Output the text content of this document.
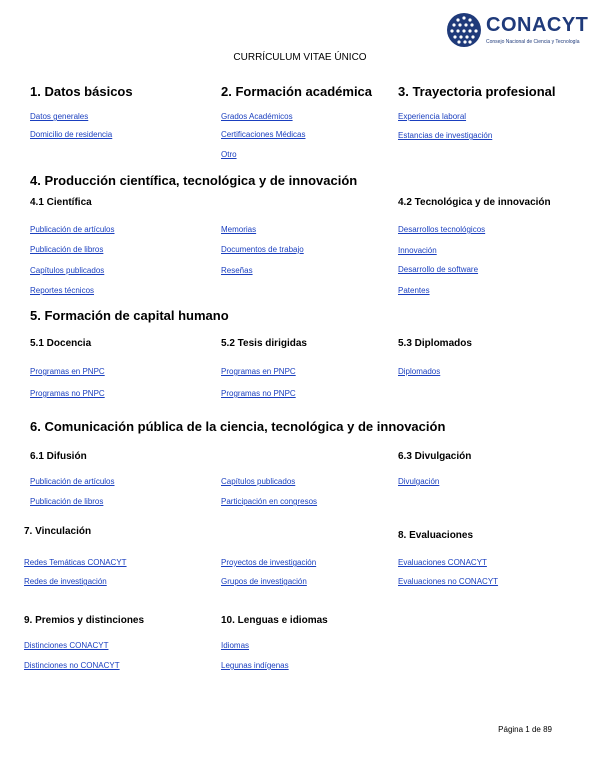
CONACYT
Consejo Nacional de Ciencia y Tecnología
CURRÍCULUM VITAE ÚNICO
1. Datos básicos
Datos generales
Domicilio de residencia
2. Formación académica
Grados Académicos
Certificaciones Médicas
Otro
3. Trayectoria profesional
Experiencia laboral
Estancias de investigación
4. Producción científica, tecnológica y de innovación
4.1 Científica	4.2 Tecnológica y de innovación
Publicación de artículos
Publicación de libros
Capítulos publicados
Reportes técnicos
Memorias
Documentos de trabajo
Reseñas
Desarrollos tecnológicos
Innovación
Desarrollo de software
Patentes
5. Formación de capital humano
5.1 Docencia	5.2 Tesis dirigidas	5.3 Diplomados
Programas en PNPC
Programas no PNPC
Programas en PNPC
Programas no PNPC
Diplomados
6. Comunicación pública de la ciencia, tecnológica y de innovación
6.1 Difusión	6.3 Divulgación
Publicación de artículos
Publicación de libros
Capítulos publicados
Participación en congresos
Divulgación
7. Vinculación
Redes Temáticas CONACYT
Redes de investigación
Proyectos de investigación
Grupos de investigación
8. Evaluaciones
Evaluaciones CONACYT
Evaluaciones no CONACYT
9. Premios y distinciones
Distinciones CONACYT
Distinciones no CONACYT
10. Lenguas e idiomas
Idiomas
Legunas indígenas
Página 1 de 89
